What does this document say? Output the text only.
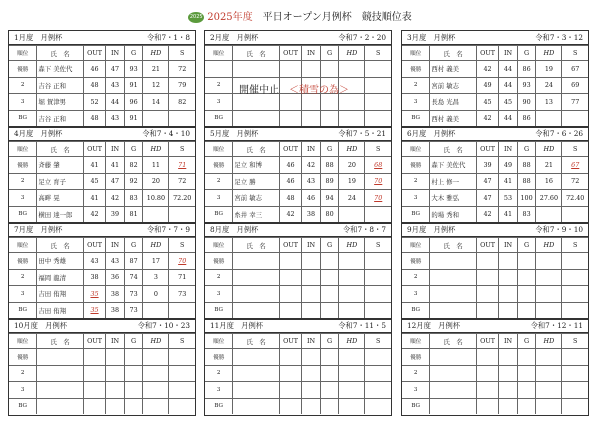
2025 2025年度　 平日オープン月例杯　競技順位表
1月度　月例杯	令和7・1・8
順位	氏　名	OUT	IN	G	HD	S
優勝	森下 美佐代	46	47	93	21	72
2	吉谷 正和	48	43	91	12	79
3	堀 賀津男	52	44	96	14	82
BG	吉谷 正和	48	43	91		
2月度　月例杯	令和7・2・20
順位	氏　名	OUT	IN	G	HD	S

2						
3						
BG						
開催中止　 ＜積雪の為＞
3月度　月例杯	令和7・3・12
順位	氏　名	OUT	IN	G	HD	S
優勝	西村 義美	42	44	86	19	67
2	宮前 敏志	49	44	93	24	69
3	長島 光昌	45	45	90	13	77
BG	西村 義美	42	44	86		
4月度　月例杯	令和7・4・10
順位	氏　名	OUT	IN	G	HD	S
優勝	斉藤 肇	41	41	82	11	71
2	足立 育子	45	47	92	20	72
3	高畔 晃	41	42	83	10.80	72.20
BG	横田 達一郎	42	39	81		
5月度　月例杯	令和7・5・21
順位	氏　名	OUT	IN	G	HD	S
優勝	足立 和博	46	42	88	20	68
2	足立 勝	46	43	89	19	70
3	宮前 敏志	48	46	94	24	70
BG	糸井 幸三	42	38	80		
6月度　月例杯	令和7・6・26
順位	氏　名	OUT	IN	G	HD	S
優勝	森下 美佐代	39	49	88	21	67
2	村上 修一	47	41	88	16	72
3	大木 雅弘	47	53	100	27.60	72.40
BG	的場 秀和	42	41	83		
7月度　月例杯	令和7・7・9
順位	氏　名	OUT	IN	G	HD	S
優勝	田中 秀雄	43	43	87	17	70
2	福岡 龍清	38	36	74	3	71
3	吉田 侑翔	35	38	73	0	73
BG	吉田 侑翔	35	38	73		
8月度　月例杯	令和7・8・7
順位	氏　名	OUT	IN	G	HD	S
優勝						
2						
3						
BG						
9月度　月例杯	令和7・9・10
順位	氏　名	OUT	IN	G	HD	S
優勝						
2						
3						
BG						
10月度　月例杯	令和7・10・23
順位	氏　名	OUT	IN	G	HD	S
優勝						
2						
3						
BG						
11月度　月例杯	令和7・11・5
順位	氏　名	OUT	IN	G	HD	S
優勝						
2						
3						
BG						
12月度　月例杯	令和7・12・11
順位	氏　名	OUT	IN	G	HD	S
優勝						
2						
3						
BG						
